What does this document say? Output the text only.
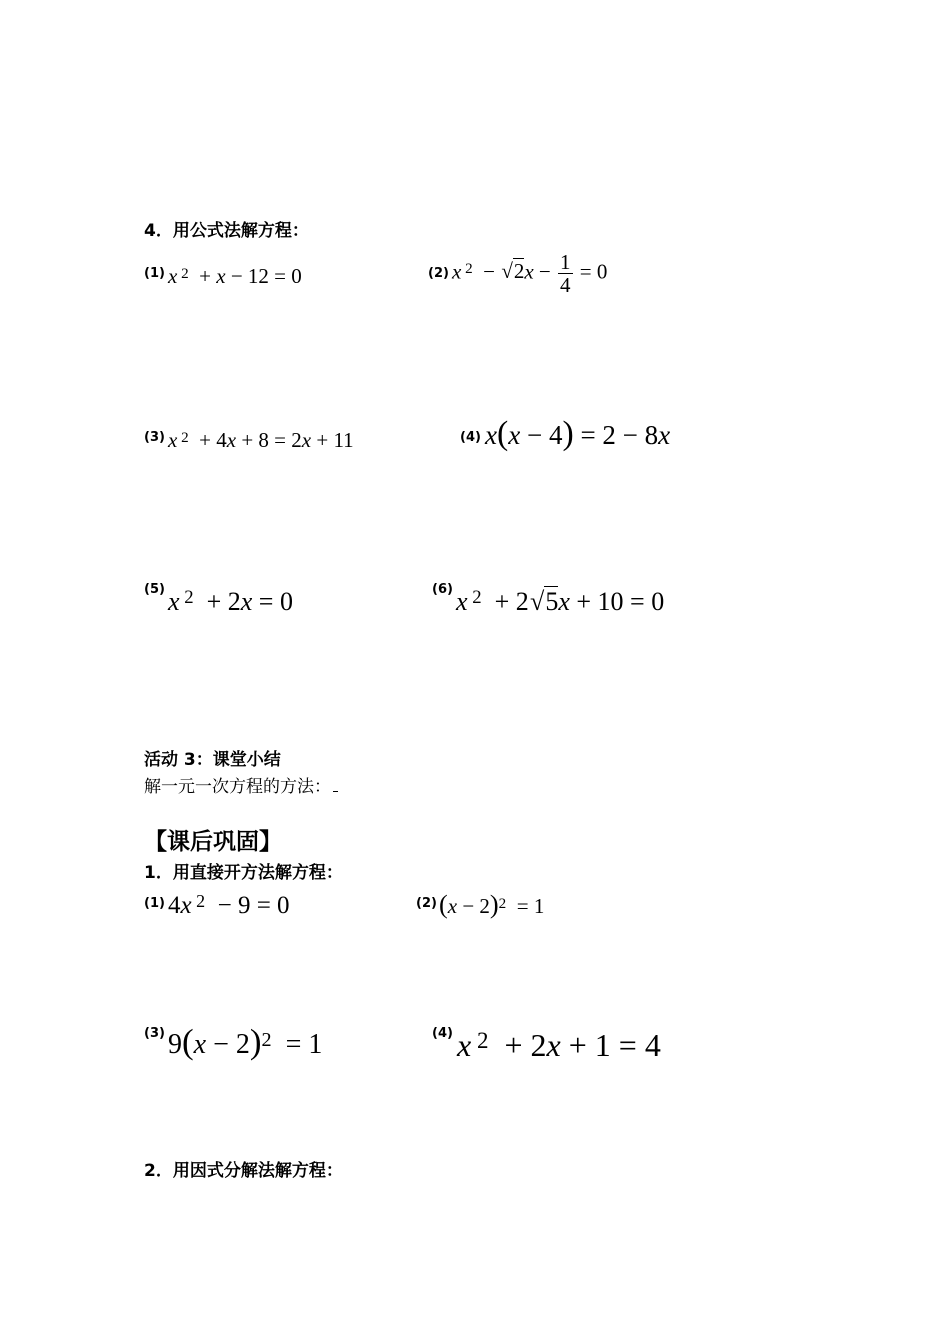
4．用公式法解方程：
(1) x $^2$  + x − 12 = 0	(2) x $^2 - √2x - \frac{1}{4} = 0$
(3) x $^2$  + 4x + 8 = 2x + 11	(4) x(x − 4) = 2 − 8x
(5) x $^2$  + 2x = 0	(6) x $^2$  + 2√5x + 10 = 0
活动 3：课堂小结
解一元一次方程的方法：
【课后巩固】
1．用直接开方法解方程：
(1) 4x $^2$  − 9 = 0	(2) $(x - 2)^2 = 1$
(3) $9(x - 2)^2 = 1$	(4) x $^2$  + 2x + 1 = 4
2．用因式分解法解方程：
